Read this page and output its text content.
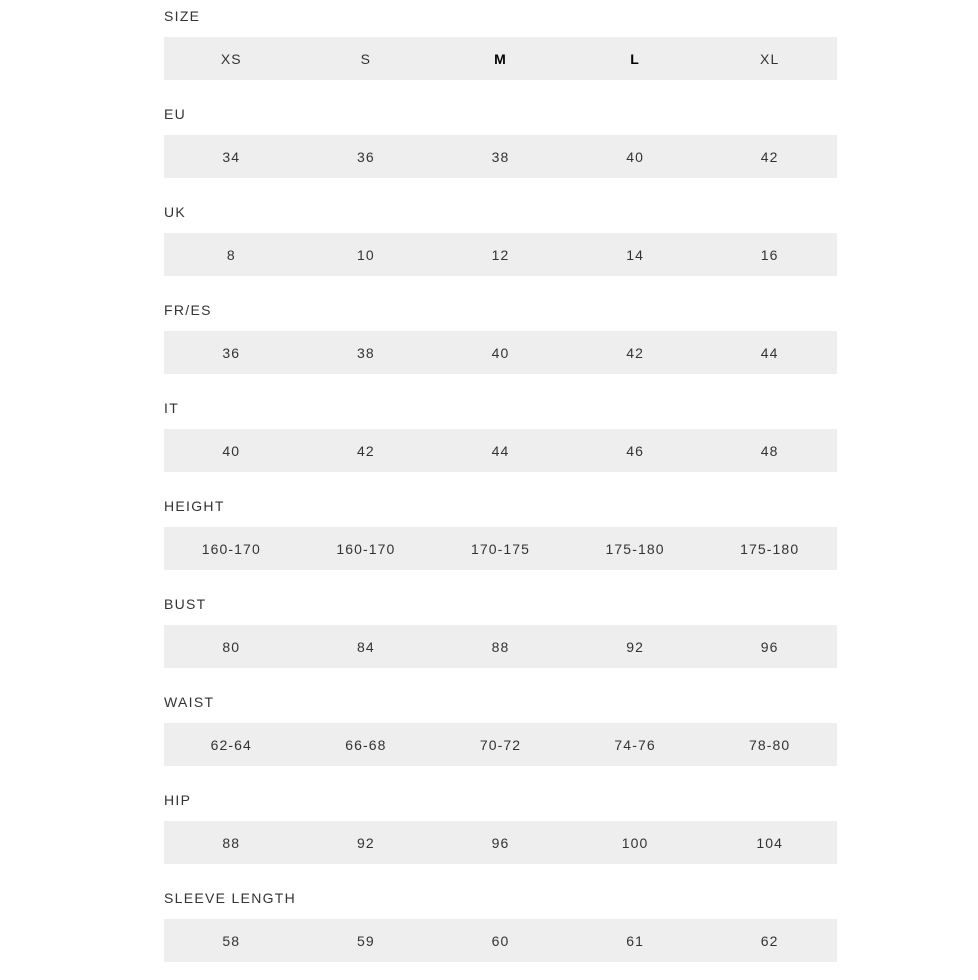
SIZE
XS	S	M	L	XL
EU
34	36	38	40	42
UK
8	10	12	14	16
FR/ES
36	38	40	42	44
IT
40	42	44	46	48
HEIGHT
160-170	160-170	170-175	175-180	175-180
BUST
80	84	88	92	96
WAIST
62-64	66-68	70-72	74-76	78-80
HIP
88	92	96	100	104
SLEEVE LENGTH
58	59	60	61	62
